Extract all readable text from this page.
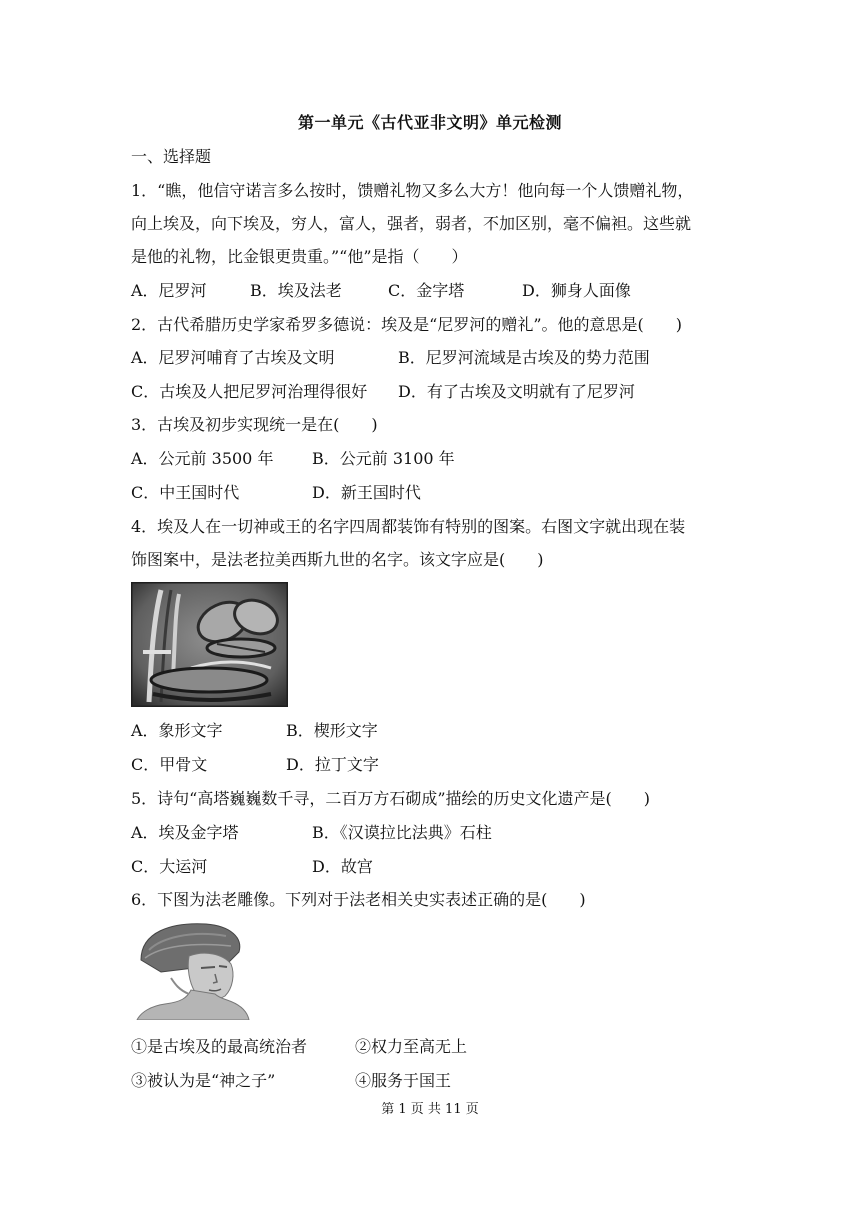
第一单元《古代亚非文明》单元检测
一、选择题
1．“瞧，他信守诺言多么按时，馈赠礼物又多么大方！他向每一个人馈赠礼物，
向上埃及，向下埃及，穷人，富人，强者，弱者，不加区别，毫不偏袒。这些就
是他的礼物，比金银更贵重。”“他”是指（　　）
A．尼罗河	B．埃及法老	C．金字塔	D．狮身人面像
2．古代希腊历史学家希罗多德说：埃及是“尼罗河的赠礼”。他的意思是(　　)
A．尼罗河哺育了古埃及文明	B．尼罗河流域是古埃及的势力范围
C．古埃及人把尼罗河治理得很好 D．有了古埃及文明就有了尼罗河
3．古埃及初步实现统一是在(　　)
A．公元前 3500 年 B．公元前 3100 年
C．中王国时代	D．新王国时代
4．埃及人在一切神或王的名字四周都装饰有特别的图案。右图文字就出现在装
饰图案中，是法老拉美西斯九世的名字。该文字应是(　　)
A．象形文字	B．楔形文字
C．甲骨文	D．拉丁文字
5．诗句“高塔巍巍数千寻，二百万方石砌成”描绘的历史文化遗产是(　　)
A．埃及金字塔	B．《汉谟拉比法典》石柱
C．大运河	D．故宫
6．下图为法老雕像。下列对于法老相关史实表述正确的是(　　)
①是古埃及的最高统治者	②权力至高无上
③被认为是“神之子”	④服务于国王
第 1 页 共 11 页
